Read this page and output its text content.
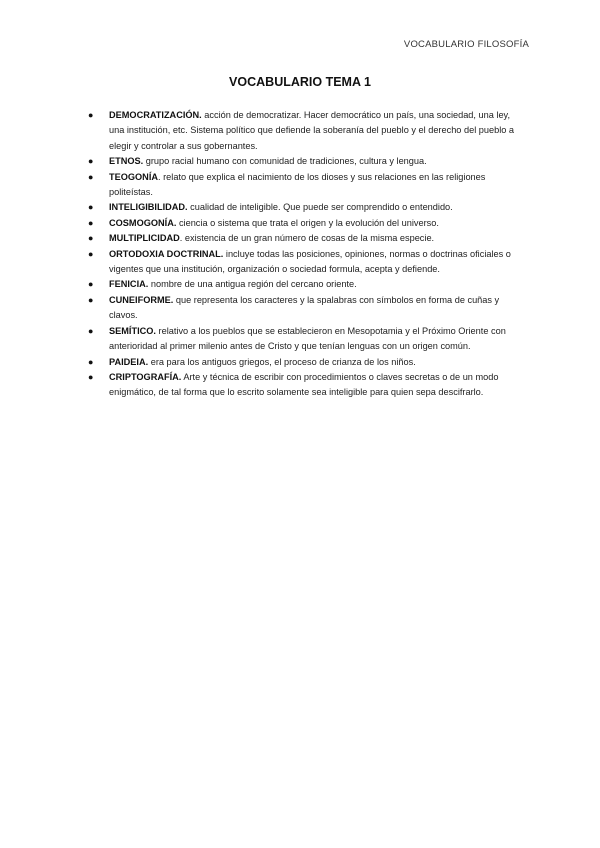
VOCABULARIO FILOSOFÍA
VOCABULARIO TEMA 1
● DEMOCRATIZACIÓN. acción de democratizar. Hacer democrático un país, una sociedad, una ley, una institución, etc. Sistema político que defiende la soberanía del pueblo y el derecho del pueblo a elegir y controlar a sus gobernantes.
● ETNOS. grupo racial humano con comunidad de tradiciones, cultura y lengua.
● TEOGONÍA. relato que explica el nacimiento de los dioses y sus relaciones en las religiones politeístas.
● INTELIGIBILIDAD. cualidad de inteligible. Que puede ser comprendido o entendido.
● COSMOGONÍA. ciencia o sistema que trata el origen y la evolución del universo.
● MULTIPLICIDAD. existencia de un gran número de cosas de la misma especie.
● ORTODOXIA DOCTRINAL. incluye todas las posiciones, opiniones, normas o doctrinas oficiales o vigentes que una institución, organización o sociedad formula, acepta y defiende.
● FENICIA. nombre de una antigua región del cercano oriente.
● CUNEIFORME. que representa los caracteres y la spalabras con símbolos en forma de cuñas y clavos.
● SEMÍTICO. relativo a los pueblos que se establecieron en Mesopotamia y el Próximo Oriente con anterioridad al primer milenio antes de Cristo y que tenían lenguas con un origen común.
● PAIDEIA. era para los antiguos griegos, el proceso de crianza de los niños.
● CRIPTOGRAFÍA. Arte y técnica de escribir con procedimientos o claves secretas o de un modo enigmático, de tal forma que lo escrito solamente sea inteligible para quien sepa descifrarlo.
